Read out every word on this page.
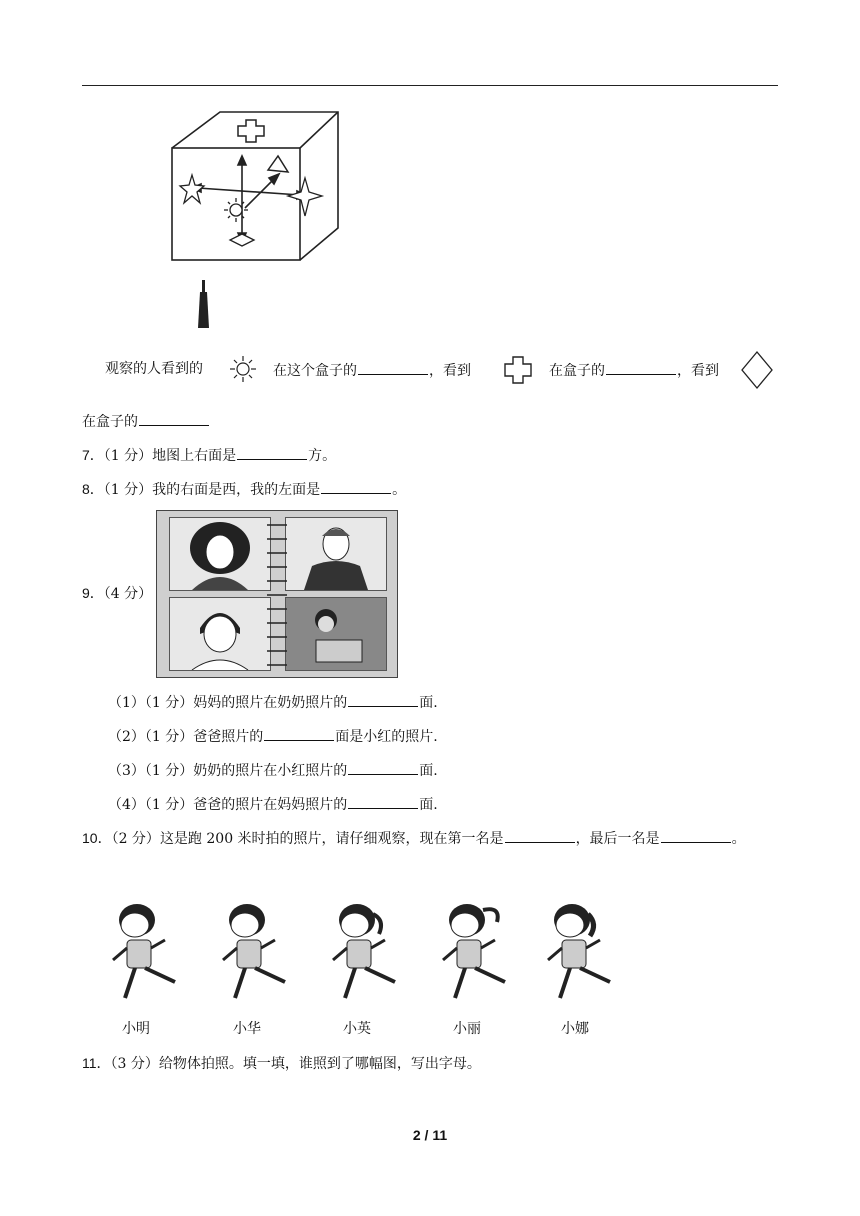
观察的人看到的	在这个盒子的	，看到	在盒子的	，看到
在盒子的
7．（1 分）地图上右面是	方。
8．（1 分）我的右面是西，我的左面是	。
9．（4 分）
（1）（1 分）妈妈的照片在奶奶照片的	面.
（2）（1 分）爸爸照片的	面是小红的照片.
（3）（1 分）奶奶的照片在小红照片的	面.
（4）（1 分）爸爸的照片在妈妈照片的	面.
10．（2 分）这是跑 200 米时拍的照片，请仔细观察，现在第一名是	，最后一名是	。
小明	小华	小英	小丽	小娜
11．（3 分）给物体拍照。填一填，谁照到了哪幅图，写出字母。
2 / 11
